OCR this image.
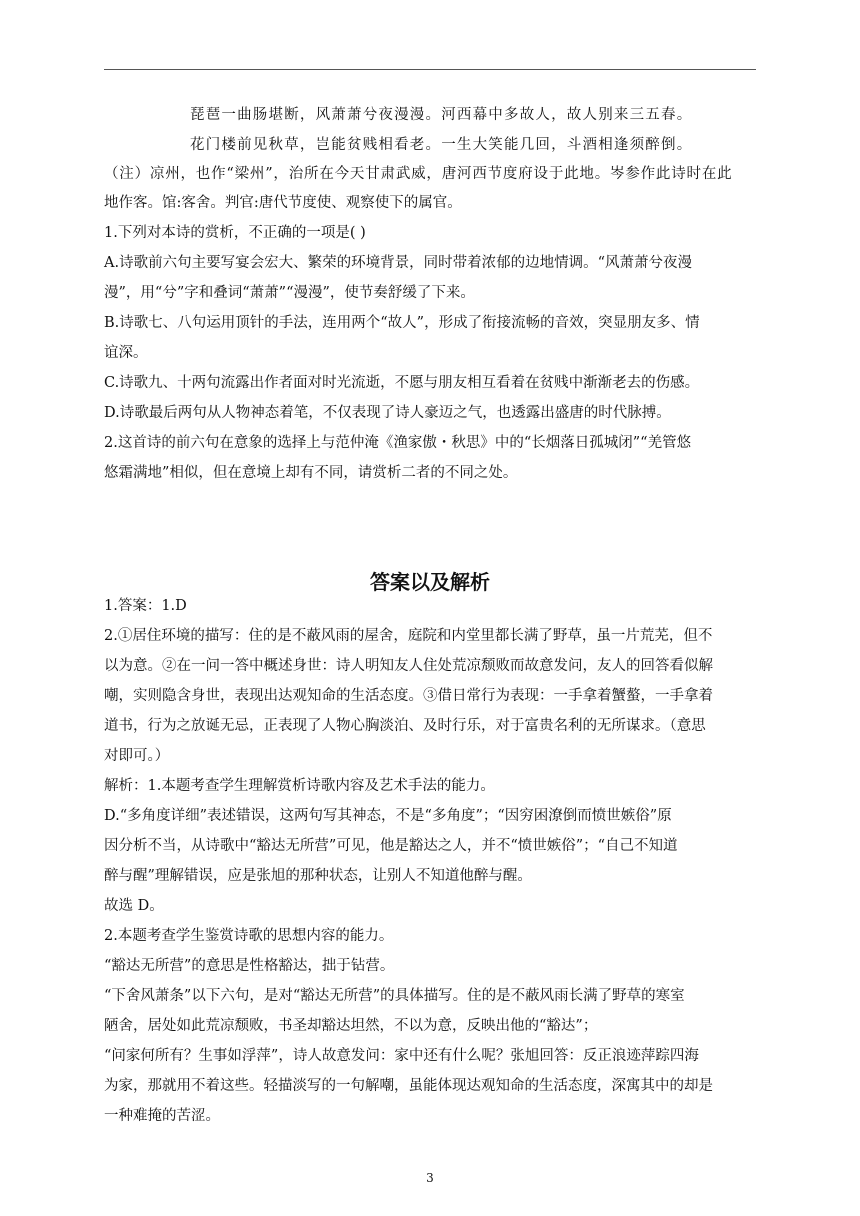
琵琶一曲肠堪断，风萧萧兮夜漫漫。河西幕中多故人，故人别来三五春。
花门楼前见秋草，岂能贫贱相看老。一生大笑能几回，斗酒相逢须醉倒。
（注）凉州，也作“梁州”，治所在今天甘肃武威，唐河西节度府设于此地。岑参作此诗时在此
地作客。馆:客舍。判官:唐代节度使、观察使下的属官。
1.下列对本诗的赏析，不正确的一项是( )
A.诗歌前六句主要写宴会宏大、繁荣的环境背景，同时带着浓郁的边地情调。“风萧萧兮夜漫
漫”，用“兮”字和叠词“萧萧”“漫漫”，使节奏舒缓了下来。
B.诗歌七、八句运用顶针的手法，连用两个“故人”，形成了衔接流畅的音效，突显朋友多、情
谊深。
C.诗歌九、十两句流露出作者面对时光流逝，不愿与朋友相互看着在贫贱中渐渐老去的伤感。
D.诗歌最后两句从人物神态着笔，不仅表现了诗人豪迈之气，也透露出盛唐的时代脉搏。
2.这首诗的前六句在意象的选择上与范仲淹《渔家傲・秋思》中的“长烟落日孤城闭”“羌管悠
悠霜满地”相似，但在意境上却有不同，请赏析二者的不同之处。
答案以及解析
1.答案：1.D
2.①居住环境的描写：住的是不蔽风雨的屋舍，庭院和内堂里都长满了野草，虽一片荒芜，但不
以为意。②在一问一答中概述身世：诗人明知友人住处荒凉颓败而故意发问，友人的回答看似解
嘲，实则隐含身世，表现出达观知命的生活态度。③借日常行为表现：一手拿着蟹螯，一手拿着
道书，行为之放诞无忌，正表现了人物心胸淡泊、及时行乐，对于富贵名利的无所谋求。（意思
对即可。）
解析：1.本题考查学生理解赏析诗歌内容及艺术手法的能力。
D.“多角度详细”表述错误，这两句写其神态，不是“多角度”；“因穷困潦倒而愤世嫉俗”原
因分析不当，从诗歌中“豁达无所营”可见，他是豁达之人，并不“愤世嫉俗”；“自己不知道
醉与醒”理解错误，应是张旭的那种状态，让别人不知道他醉与醒。
故选 D。
2.本题考查学生鉴赏诗歌的思想内容的能力。
“豁达无所营”的意思是性格豁达，拙于钻营。
“下舍风萧条”以下六句，是对“豁达无所营”的具体描写。住的是不蔽风雨长满了野草的寒室
陋舍，居处如此荒凉颓败，书圣却豁达坦然，不以为意，反映出他的“豁达”；
“问家何所有？生事如浮萍”，诗人故意发问：家中还有什么呢？张旭回答：反正浪迹萍踪四海
为家，那就用不着这些。轻描淡写的一句解嘲，虽能体现达观知命的生活态度，深寓其中的却是
一种难掩的苦涩。
3
